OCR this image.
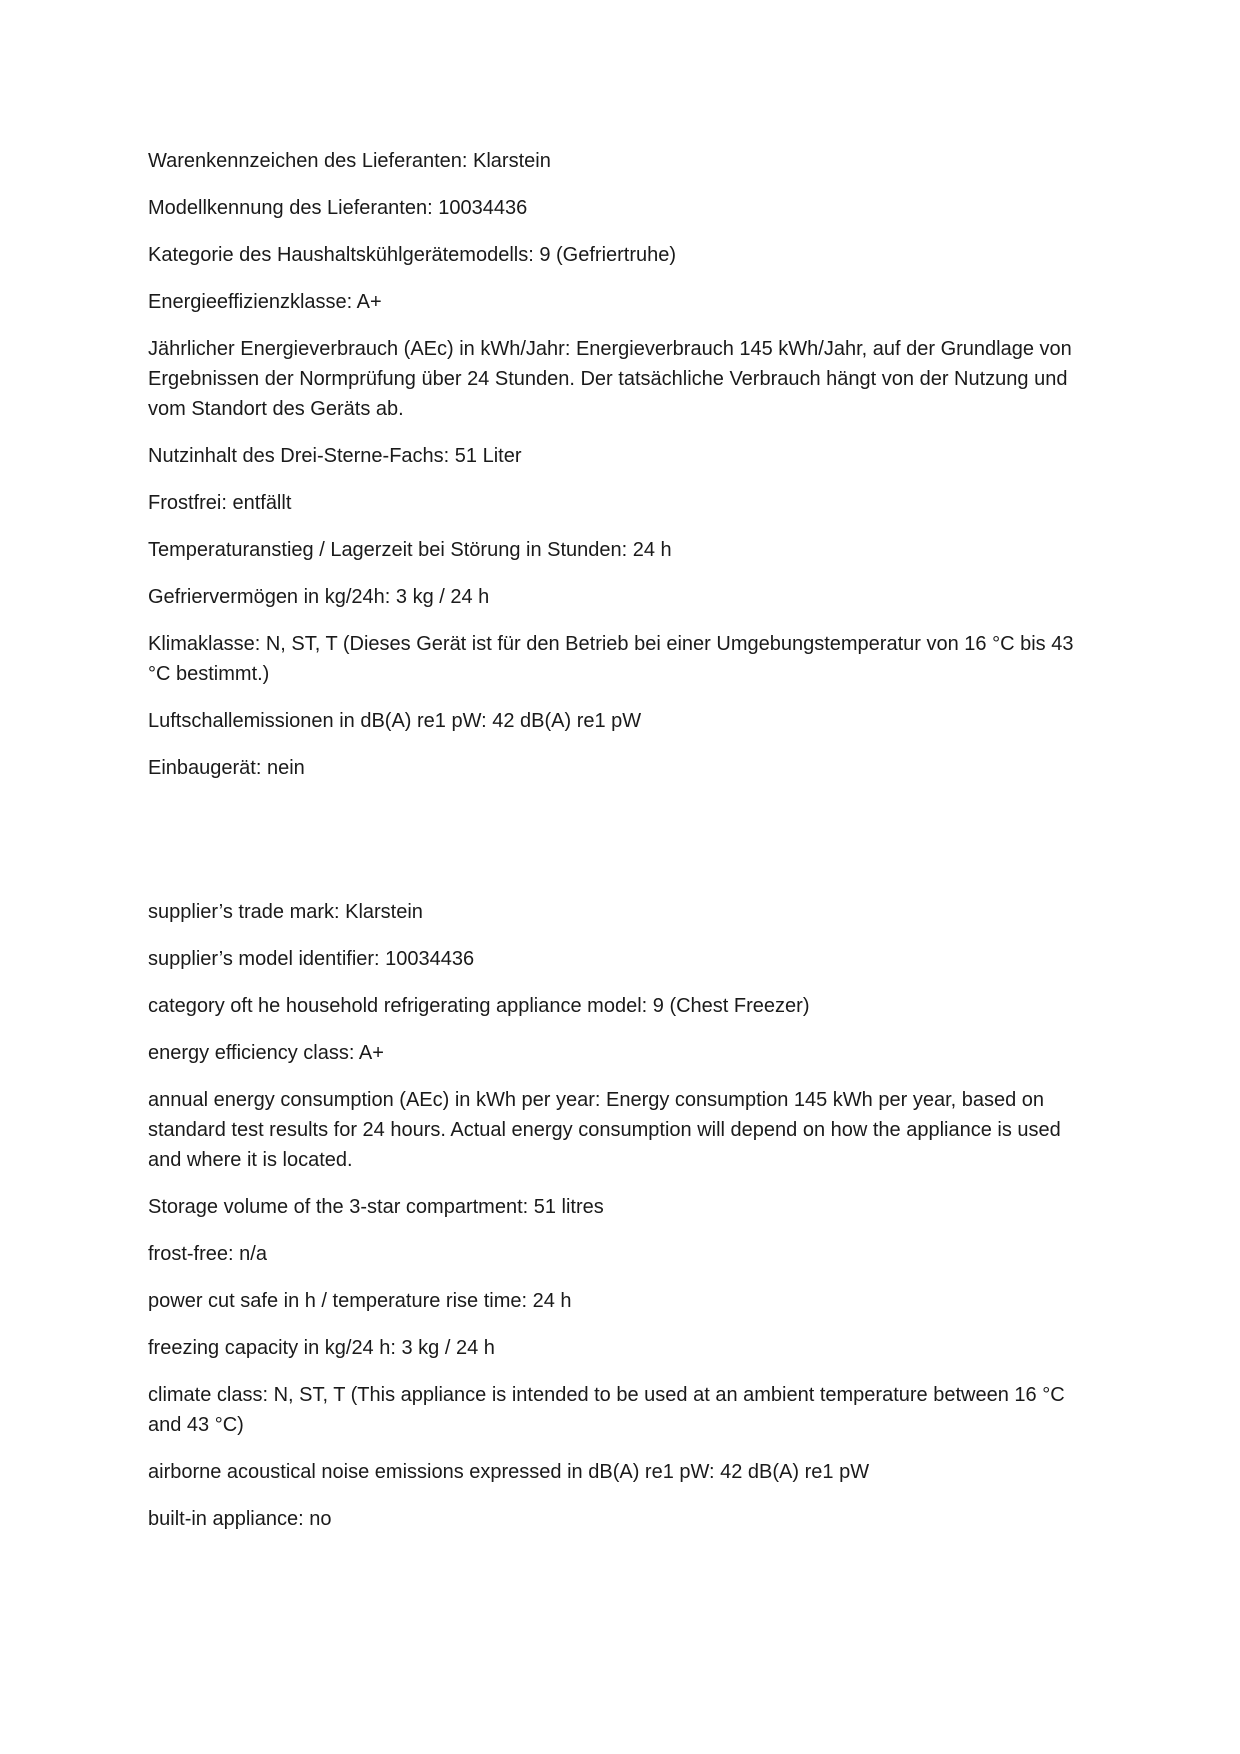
Warenkennzeichen des Lieferanten: Klarstein

Modellkennung des Lieferanten: 10034436

Kategorie des Haushaltskühlgerätemodells: 9 (Gefriertruhe)

Energieeffizienzklasse: A+

Jährlicher Energieverbrauch (AEc) in kWh/Jahr: Energieverbrauch 145 kWh/Jahr, auf der Grundlage von Ergebnissen der Normprüfung über 24 Stunden. Der tatsächliche Verbrauch hängt von der Nutzung und vom Standort des Geräts ab.

Nutzinhalt des Drei-Sterne-Fachs: 51 Liter

Frostfrei: entfällt

Temperaturanstieg / Lagerzeit bei Störung in Stunden: 24 h

Gefriervermögen in kg/24h: 3 kg / 24 h

Klimaklasse: N, ST, T (Dieses Gerät ist für den Betrieb bei einer Umgebungstemperatur von 16 °C bis 43 °C bestimmt.)

Luftschallemissionen in dB(A) re1 pW: 42 dB(A) re1 pW

Einbaugerät: nein

supplier’s trade mark: Klarstein

supplier’s model identifier: 10034436

category oft he household refrigerating appliance model: 9 (Chest Freezer)

energy efficiency class: A+

annual energy consumption (AEc) in kWh per year: Energy consumption 145 kWh per year, based on standard test results for 24 hours. Actual energy consumption will depend on how the appliance is used and where it is located.

Storage volume of the 3-star compartment: 51 litres

frost-free: n/a

power cut safe in h / temperature rise time: 24 h

freezing capacity in kg/24 h: 3 kg / 24 h

climate class: N, ST, T (This appliance is intended to be used at an ambient temperature between 16 °C and 43 °C)

airborne acoustical noise emissions expressed in dB(A) re1 pW: 42 dB(A) re1 pW

built-in appliance: no
